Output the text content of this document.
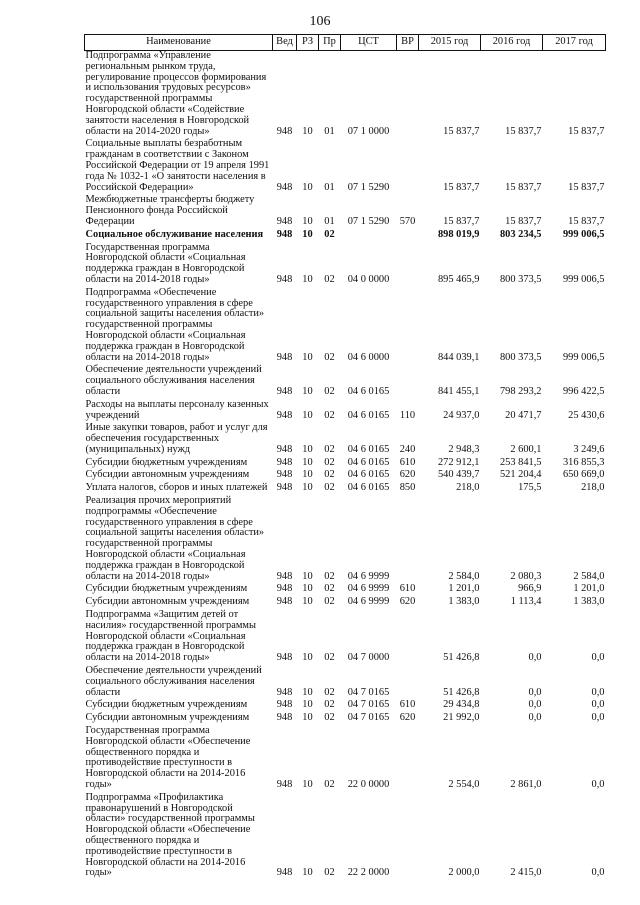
106
Наименование	Вед	РЗ	Пр	ЦСТ	ВР	2015 год	2016 год	2017 год
Подпрограмма «Управление региональным рынком труда, регулирование процессов формирования и использования трудовых ресурсов» государственной программы Новгородской области «Содействие занятости населения в Новгородской области на 2014-2020 годы»	948	10	01	07 1 0000		15 837,7	15 837,7	15 837,7
Социальные выплаты безработным гражданам в соответствии с Законом Российской Федерации от 19 апреля 1991 года № 1032-1 «О занятости населения в Российской Федерации»	948	10	01	07 1 5290		15 837,7	15 837,7	15 837,7
Межбюджетные трансферты бюджету Пенсионного фонда Российской Федерации	948	10	01	07 1 5290	570	15 837,7	15 837,7	15 837,7
Социальное обслуживание населения	948	10	02			898 019,9	803 234,5	999 006,5
Государственная программа Новгородской области «Социальная поддержка граждан в Новгородской области на 2014-2018 годы»	948	10	02	04 0 0000		895 465,9	800 373,5	999 006,5
Подпрограмма «Обеспечение государственного управления в сфере социальной защиты населения области» государственной программы Новгородской области «Социальная поддержка граждан в Новгородской области на 2014-2018 годы»	948	10	02	04 6 0000		844 039,1	800 373,5	999 006,5
Обеспечение деятельности учреждений социального обслуживания населения области	948	10	02	04 6 0165		841 455,1	798 293,2	996 422,5
Расходы на выплаты персоналу казенных учреждений	948	10	02	04 6 0165	110	24 937,0	20 471,7	25 430,6
Иные закупки товаров, работ и услуг для обеспечения государственных (муниципальных) нужд	948	10	02	04 6 0165	240	2 948,3	2 600,1	3 249,6
Субсидии бюджетным учреждениям	948	10	02	04 6 0165	610	272 912,1	253 841,5	316 855,3
Субсидии автономным учреждениям	948	10	02	04 6 0165	620	540 439,7	521 204,4	650 669,0
Уплата налогов, сборов и иных платежей	948	10	02	04 6 0165	850	218,0	175,5	218,0
Реализация прочих мероприятий подпрограммы «Обеспечение государственного управления в сфере социальной защиты населения области» государственной программы Новгородской области «Социальная поддержка граждан в Новгородской области на 2014-2018 годы»	948	10	02	04 6 9999		2 584,0	2 080,3	2 584,0
Субсидии бюджетным учреждениям	948	10	02	04 6 9999	610	1 201,0	966,9	1 201,0
Субсидии автономным учреждениям	948	10	02	04 6 9999	620	1 383,0	1 113,4	1 383,0
Подпрограмма «Защитим детей от насилия» государственной программы Новгородской области «Социальная поддержка граждан в Новгородской области на 2014-2018 годы»	948	10	02	04 7 0000		51 426,8	0,0	0,0
Обеспечение деятельности учреждений социального обслуживания населения области	948	10	02	04 7 0165		51 426,8	0,0	0,0
Субсидии бюджетным учреждениям	948	10	02	04 7 0165	610	29 434,8	0,0	0,0
Субсидии автономным учреждениям	948	10	02	04 7 0165	620	21 992,0	0,0	0,0
Государственная программа Новгородской области «Обеспечение общественного порядка и противодействие преступности в Новгородской области на 2014-2016 годы»	948	10	02	22 0 0000		2 554,0	2 861,0	0,0
Подпрограмма «Профилактика правонарушений в Новгородской области» государственной программы Новгородской области «Обеспечение общественного порядка и противодействие преступности в Новгородской области на 2014-2016 годы»	948	10	02	22 2 0000		2 000,0	2 415,0	0,0
